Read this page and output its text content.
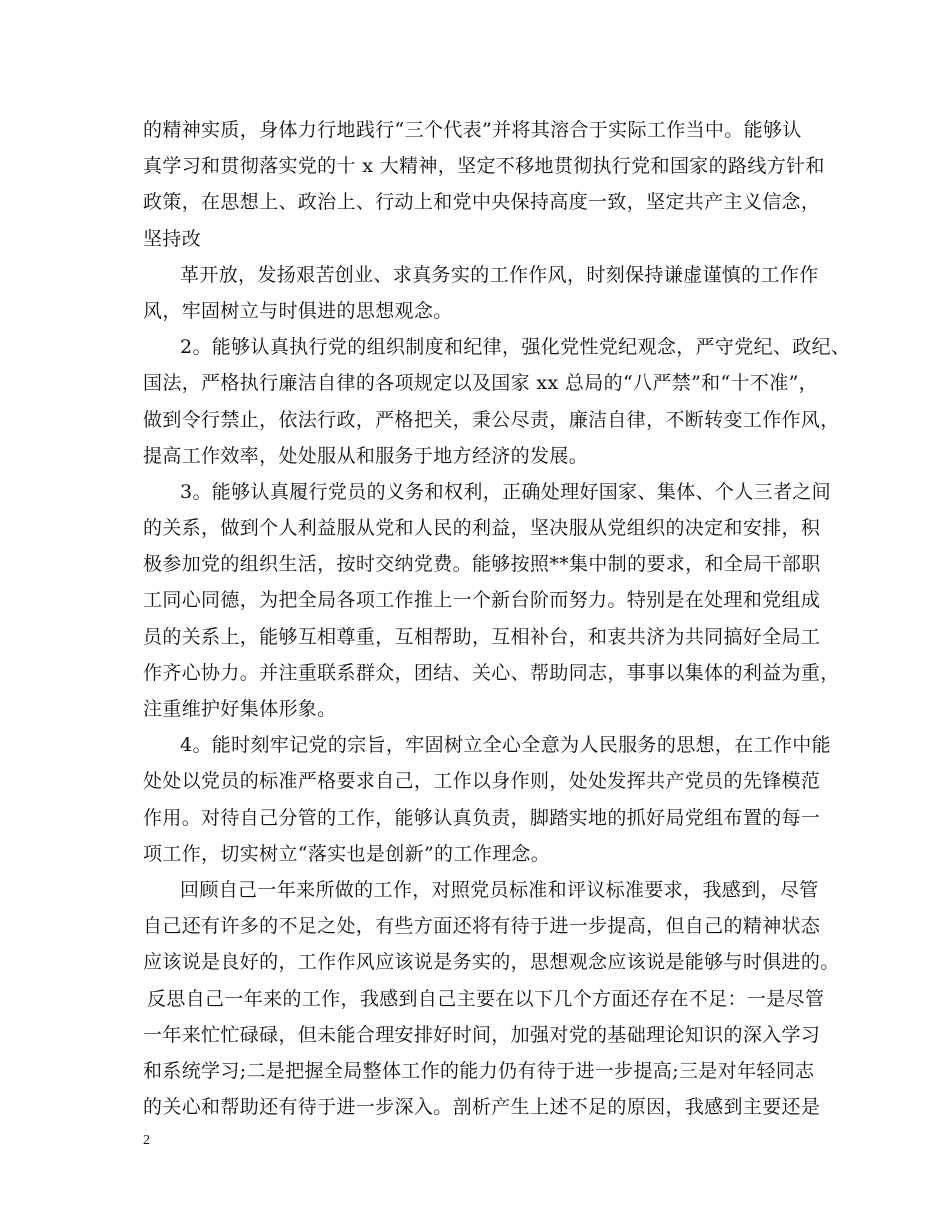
的精神实质，身体力行地践行“三个代表”并将其溶合于实际工作当中。能够认
真学习和贯彻落实党的十 x 大精神，坚定不移地贯彻执行党和国家的路线方针和
政策，在思想上、政治上、行动上和党中央保持高度一致，坚定共产主义信念，
坚持改
革开放，发扬艰苦创业、求真务实的工作作风，时刻保持谦虚谨慎的工作作
风，牢固树立与时俱进的思想观念。
2。能够认真执行党的组织制度和纪律，强化党性党纪观念，严守党纪、政纪、
国法，严格执行廉洁自律的各项规定以及国家 xx 总局的“八严禁”和“十不准”，
做到令行禁止，依法行政，严格把关，秉公尽责，廉洁自律，不断转变工作作风，
提高工作效率，处处服从和服务于地方经济的发展。
3。能够认真履行党员的义务和权利，正确处理好国家、集体、个人三者之间
的关系，做到个人利益服从党和人民的利益，坚决服从党组织的决定和安排，积
极参加党的组织生活，按时交纳党费。能够按照**集中制的要求，和全局干部职
工同心同德，为把全局各项工作推上一个新台阶而努力。特别是在处理和党组成
员的关系上，能够互相尊重，互相帮助，互相补台，和衷共济为共同搞好全局工
作齐心协力。并注重联系群众，团结、关心、帮助同志，事事以集体的利益为重，
注重维护好集体形象。
4。能时刻牢记党的宗旨，牢固树立全心全意为人民服务的思想，在工作中能
处处以党员的标准严格要求自己，工作以身作则，处处发挥共产党员的先锋模范
作用。对待自己分管的工作，能够认真负责，脚踏实地的抓好局党组布置的每一
项工作，切实树立“落实也是创新”的工作理念。
回顾自己一年来所做的工作，对照党员标准和评议标准要求，我感到，尽管
自己还有许多的不足之处，有些方面还将有待于进一步提高，但自己的精神状态
应该说是良好的，工作作风应该说是务实的，思想观念应该说是能够与时俱进的。
反思自己一年来的工作，我感到自己主要在以下几个方面还存在不足：一是尽管
一年来忙忙碌碌，但未能合理安排好时间，加强对党的基础理论知识的深入学习
和系统学习;二是把握全局整体工作的能力仍有待于进一步提高;三是对年轻同志
的关心和帮助还有待于进一步深入。剖析产生上述不足的原因，我感到主要还是
2
